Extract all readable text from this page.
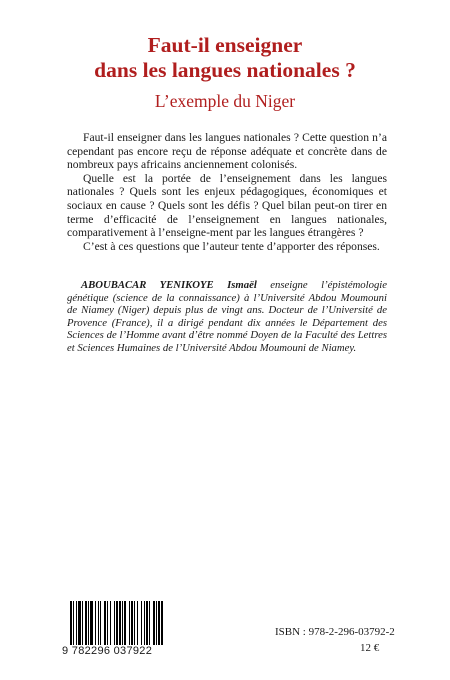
Faut-il enseigner
dans les langues nationales ?
L’exemple du Niger

Faut-il enseigner dans les langues nationales ? Cette question n’a cependant pas encore reçu de réponse adéquate et concrète dans de nombreux pays africains anciennement colonisés.

Quelle est la portée de l’enseignement dans les langues nationales ? Quels sont les enjeux pédagogiques, économiques et sociaux en cause ? Quels sont les défis ? Quel bilan peut-on tirer en terme d’efficacité de l’enseignement en langues nationales, comparativement à l’enseigne-ment par les langues étrangères ?

C’est à ces questions que l’auteur tente d’apporter des réponses.

ABOUBACAR YENIKOYE Ismaël enseigne l’épistémologie génétique (science de la connaissance) à l’Université Abdou Moumouni de Niamey (Niger) depuis plus de vingt ans. Docteur de l’Université de Provence (France), il a dirigé pendant dix années le Département des Sciences de l’Homme avant d’être nommé Doyen de la Faculté des Lettres et Sciences Humaines de l’Université Abdou Moumouni de Niamey.

9 782296 037922
ISBN : 978-2-296-03792-2
12 €
